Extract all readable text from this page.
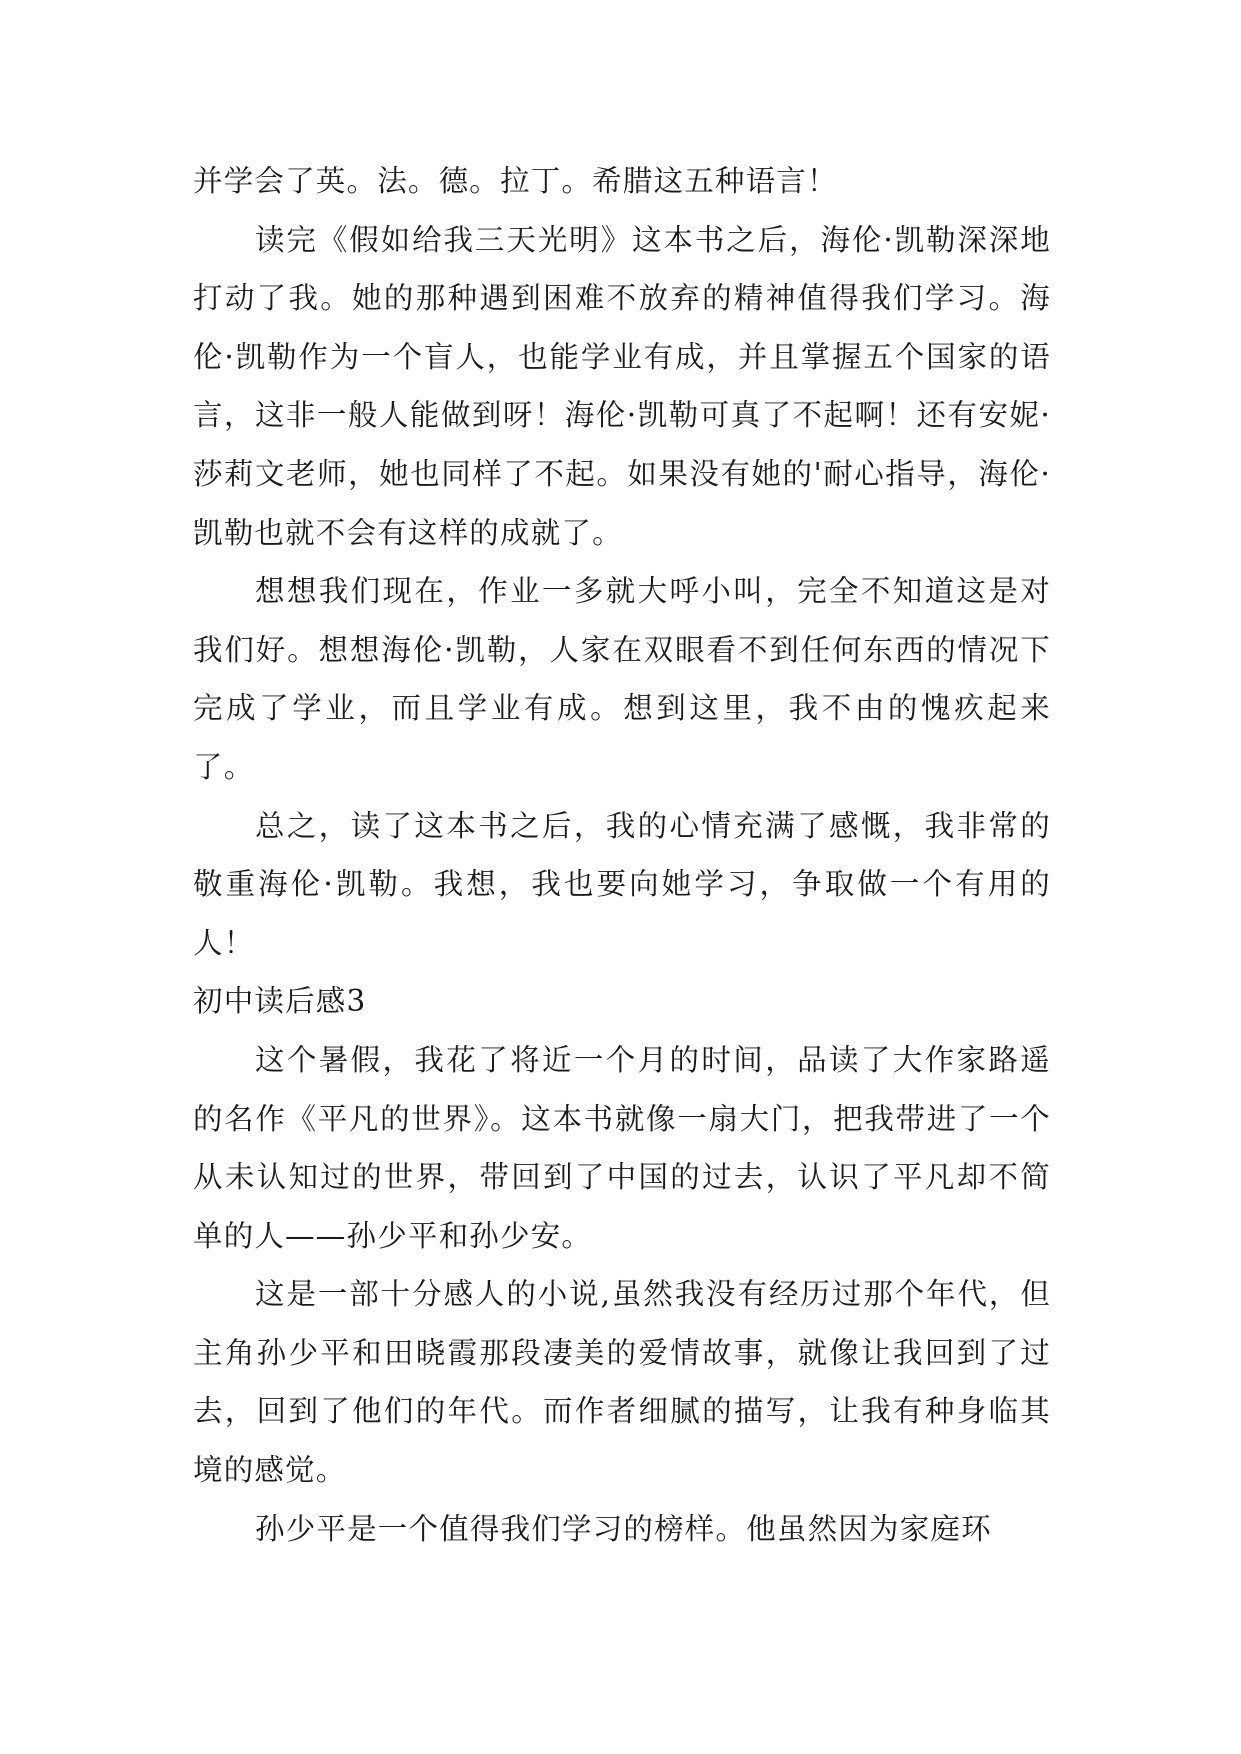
并学会了英。法。德。拉丁。希腊这五种语言！

读完《假如给我三天光明》这本书之后，海伦·凯勒深深地打动了我。她的那种遇到困难不放弃的精神值得我们学习。海伦·凯勒作为一个盲人，也能学业有成，并且掌握五个国家的语言，这非一般人能做到呀！海伦·凯勒可真了不起啊！还有安妮·莎莉文老师，她也同样了不起。如果没有她的'耐心指导，海伦·凯勒也就不会有这样的成就了。

想想我们现在，作业一多就大呼小叫，完全不知道这是对我们好。想想海伦·凯勒，人家在双眼看不到任何东西的情况下完成了学业，而且学业有成。想到这里，我不由的愧疚起来了。

总之，读了这本书之后，我的心情充满了感慨，我非常的敬重海伦·凯勒。我想，我也要向她学习，争取做一个有用的人！

初中读后感3

这个暑假，我花了将近一个月的时间，品读了大作家路遥的名作《平凡的世界》。这本书就像一扇大门，把我带进了一个从未认知过的世界，带回到了中国的过去，认识了平凡却不简单的人——孙少平和孙少安。

这是一部十分感人的小说,虽然我没有经历过那个年代，但主角孙少平和田晓霞那段凄美的爱情故事，就像让我回到了过去，回到了他们的年代。而作者细腻的描写，让我有种身临其境的感觉。

孙少平是一个值得我们学习的榜样。他虽然因为家庭环
